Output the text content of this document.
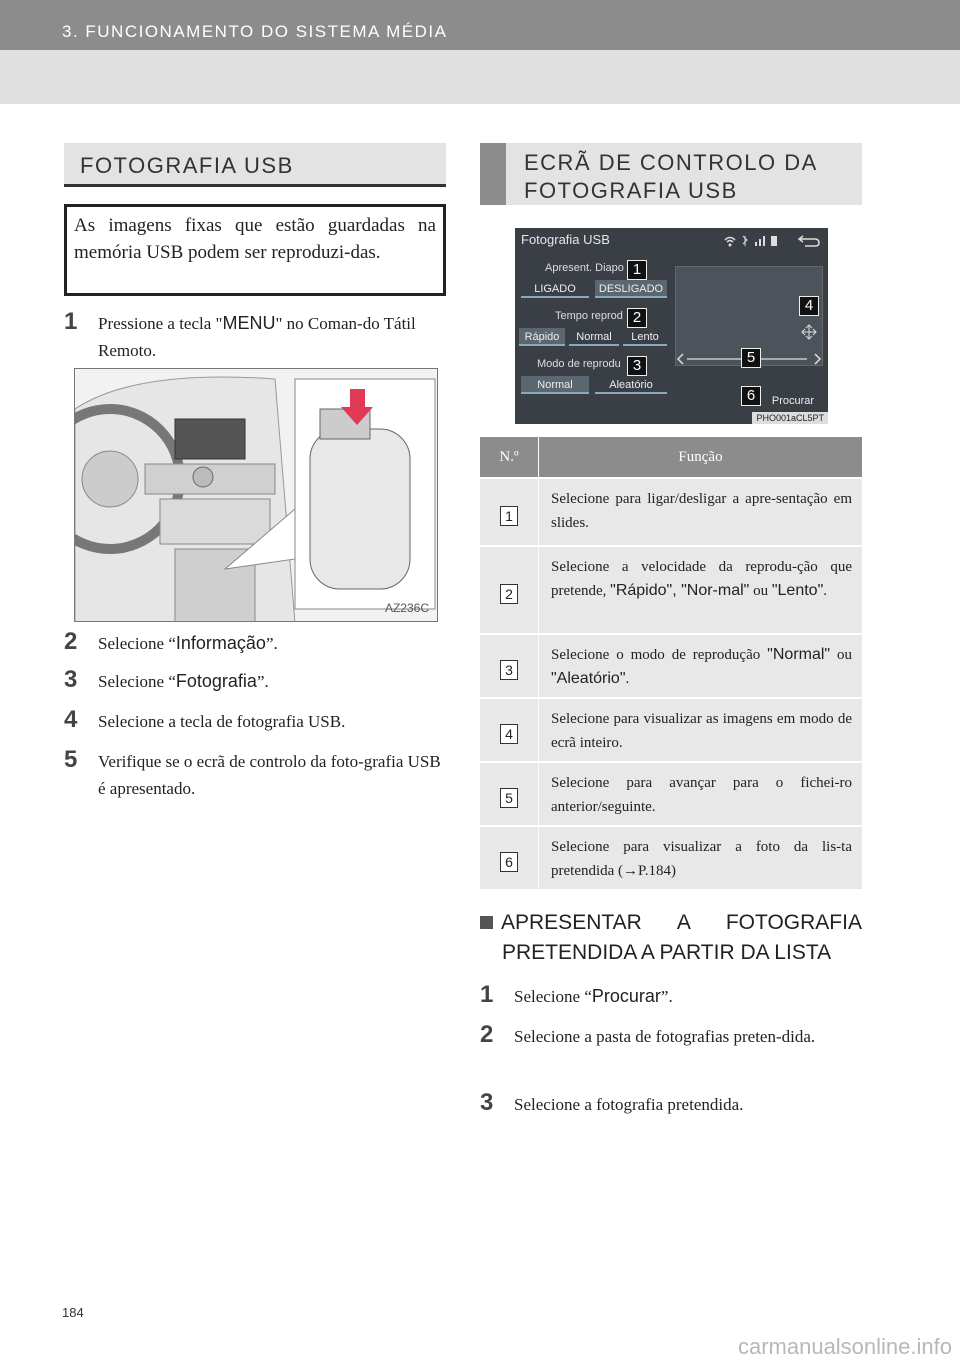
3. FUNCIONAMENTO DO SISTEMA MÉDIA
FOTOGRAFIA USB
As imagens fixas que estão guardadas na memória USB podem ser reproduzi-das.
1	Pressione a tecla "MENU" no Coman-do Tátil Remoto.
AZ236C
2	Selecione “Informação”.
3	Selecione “Fotografia”.
4	Selecione a tecla de fotografia USB.
5	Verifique se o ecrã de controlo da foto-grafia USB é apresentado.
ECRÃ DE CONTROLO DA
FOTOGRAFIA USB
Fotografia USB
Apresent. Diapo
LIGADO	DESLIGADO
Tempo reprod
Rápido	Normal	Lento
Modo de reprodu
Normal	Aleatório
Procurar
1
2
3
4
5
6
PHO001aCL5PT
N.º	Função
1
Selecione para ligar/desligar a apre-sentação em slides.
2
Selecione a velocidade da reprodu-ção que pretende, "Rápido", "Nor-mal" ou "Lento".
3
Selecione o modo de reprodução "Normal" ou "Aleatório".
4
Selecione para visualizar as imagens em modo de ecrã inteiro.
5
Selecione para avançar para o fichei-ro anterior/seguinte.
6
Selecione para visualizar a foto da lis-ta pretendida (→P.184)
APRESENTAR A FOTOGRAFIA
PRETENDIDA A PARTIR DA LISTA
1	Selecione “Procurar”.
2	Selecione a pasta de fotografias preten-dida.
3	Selecione a fotografia pretendida.
184
carmanualsonline.info
